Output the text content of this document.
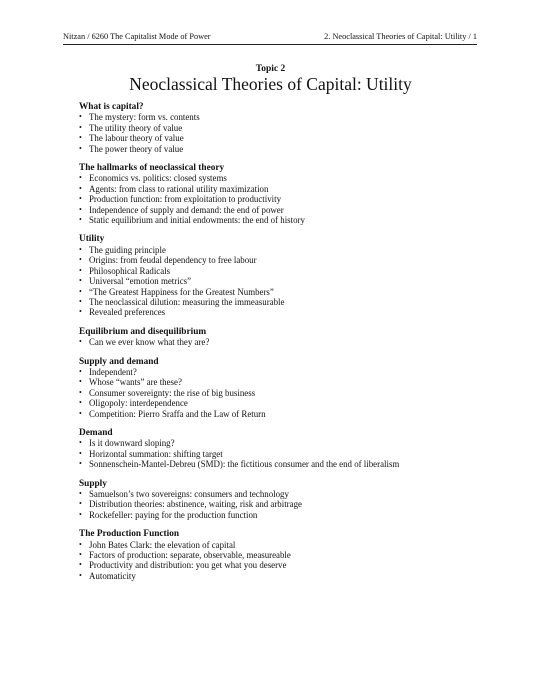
Nitzan / 6260 The Capitalist Mode of Power	2. Neoclassical Theories of Capital: Utility / 1
Topic 2
Neoclassical Theories of Capital: Utility
What is capital?
• The mystery: form vs. contents
• The utility theory of value
• The labour theory of value
• The power theory of value
The hallmarks of neoclassical theory
• Economics vs. politics: closed systems
• Agents: from class to rational utility maximization
• Production function: from exploitation to productivity
• Independence of supply and demand: the end of power
• Static equilibrium and initial endowments: the end of history
Utility
• The guiding principle
• Origins: from feudal dependency to free labour
• Philosophical Radicals
• Universal “emotion metrics”
• “The Greatest Happiness for the Greatest Numbers”
• The neoclassical dilution: measuring the immeasurable
• Revealed preferences
Equilibrium and disequilibrium
• Can we ever know what they are?
Supply and demand
• Independent?
• Whose “wants” are these?
• Consumer sovereignty: the rise of big business
• Oligopoly: interdependence
• Competition: Pierro Sraffa and the Law of Return
Demand
• Is it downward sloping?
• Horizontal summation: shifting target
• Sonnenschein-Mantel-Debreu (SMD): the fictitious consumer and the end of liberalism
Supply
• Samuelson’s two sovereigns: consumers and technology
• Distribution theories: abstinence, waiting, risk and arbitrage
• Rockefeller: paying for the production function
The Production Function
• John Bates Clark: the elevation of capital
• Factors of production: separate, observable, measureable
• Productivity and distribution: you get what you deserve
• Automaticity
